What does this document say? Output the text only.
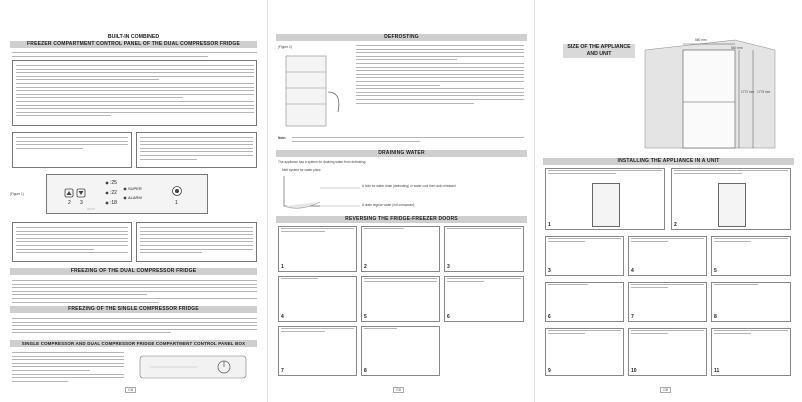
BUILT-IN COMBINED
FREEZER COMPARTMENT CONTROL PANEL OF THE DUAL COMPRESSOR FRIDGE
(Figure 1)
:25
:22
:18
SUPER
ALARM
2 3	1
FREEZING OF THE DUAL COMPRESSOR FRIDGE
FREEZING OF THE SINGLE COMPRESSOR FRIDGE
SINGLE COMPRESSOR AND DUAL COMPRESSOR FRIDGE COMPARTMENT CONTROL PANEL BOX
GB
DEFROSTING
(Figure 2)
Note:
DRAINING WATER
The appliance has a system for draining water from defrosting.
Melt system for water place
A hole for water drain (defrosting) or water cool then auto released
A drain regular water (not composed)
REVERSING THE FRIDGE-FREEZER DOORS
1	2	3
4	5	6
7	8
GB
SIZE OF THE APPLIANCE AND UNIT
560 mm
540 mm
1772 mm 1775 mm
INSTALLING THE APPLIANCE IN A UNIT
1	2
3	4	5
6	7	8
9	10	11
GB
